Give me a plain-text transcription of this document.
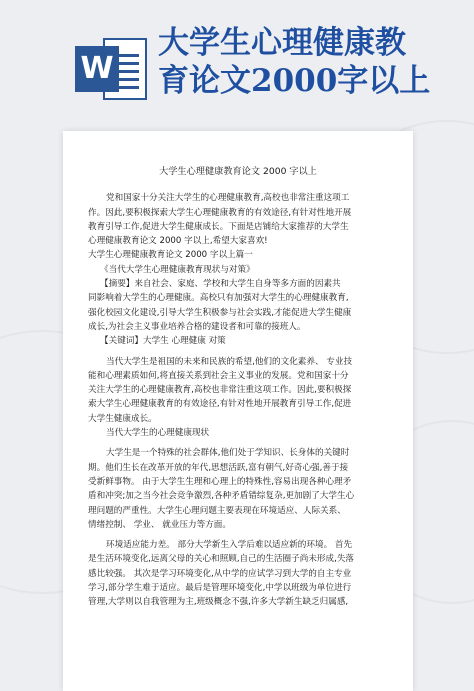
W
大学生心理健康教
育论文2000字以上
大学生心理健康教育论文 2000 字以上
党和国家十分关注大学生的心理健康教育,高校也非常注重这项工
作。因此,要积极探索大学生心理健康教育的有效途径,有针对性地开展
教育引导工作,促进大学生健康成长。下面是店铺给大家推荐的大学生
心理健康教育论文 2000 字以上,希望大家喜欢!
大学生心理健康教育论文 2000 字以上篇一
《当代大学生心理健康教育现状与对策》
【摘要】来自社会、家庭、学校和大学生自身等多方面的因素共
同影响着大学生的心理健康。高校只有加强对大学生的心理健康教育,
强化校园文化建设,引导大学生积极参与社会实践,才能促进大学生健康
成长,为社会主义事业培养合格的建设者和可靠的接班人。
【关键词】大学生 心理健康 对策
当代大学生是祖国的未来和民族的希望,他们的文化素养、 专业技
能和心理素质如何,将直接关系到社会主义事业的发展。党和国家十分
关注大学生的心理健康教育,高校也非常注重这项工作。因此,要积极探
索大学生心理健康教育的有效途径,有针对性地开展教育引导工作,促进
大学生健康成长。
当代大学生的心理健康现状
大学生是一个特殊的社会群体,他们处于学知识、长身体的关键时
期。他们生长在改革开放的年代,思想活跃,富有朝气,好奇心强,善于接
受新鲜事物。 由于大学生生理和心理上的特殊性,容易出现各种心理矛
盾和冲突;加之当今社会竞争激烈,各种矛盾错综复杂,更加剧了大学生心
理问题的严重性。大学生心理问题主要表现在环境适应、人际关系、
情绪控制、 学业、 就业压力等方面。
环境适应能力差。 部分大学新生入学后难以适应新的环境。 首先
是生活环境变化,远离父母的关心和照顾,自己的生活圈子尚未形成,失落
感比较强。 其次是学习环境变化,从中学的应试学习到大学的自主专业
学习,部分学生难于适应。最后是管理环境变化,中学以班级为单位进行
管理,大学则以自我管理为主,班级概念不强,许多大学新生缺乏归属感,
